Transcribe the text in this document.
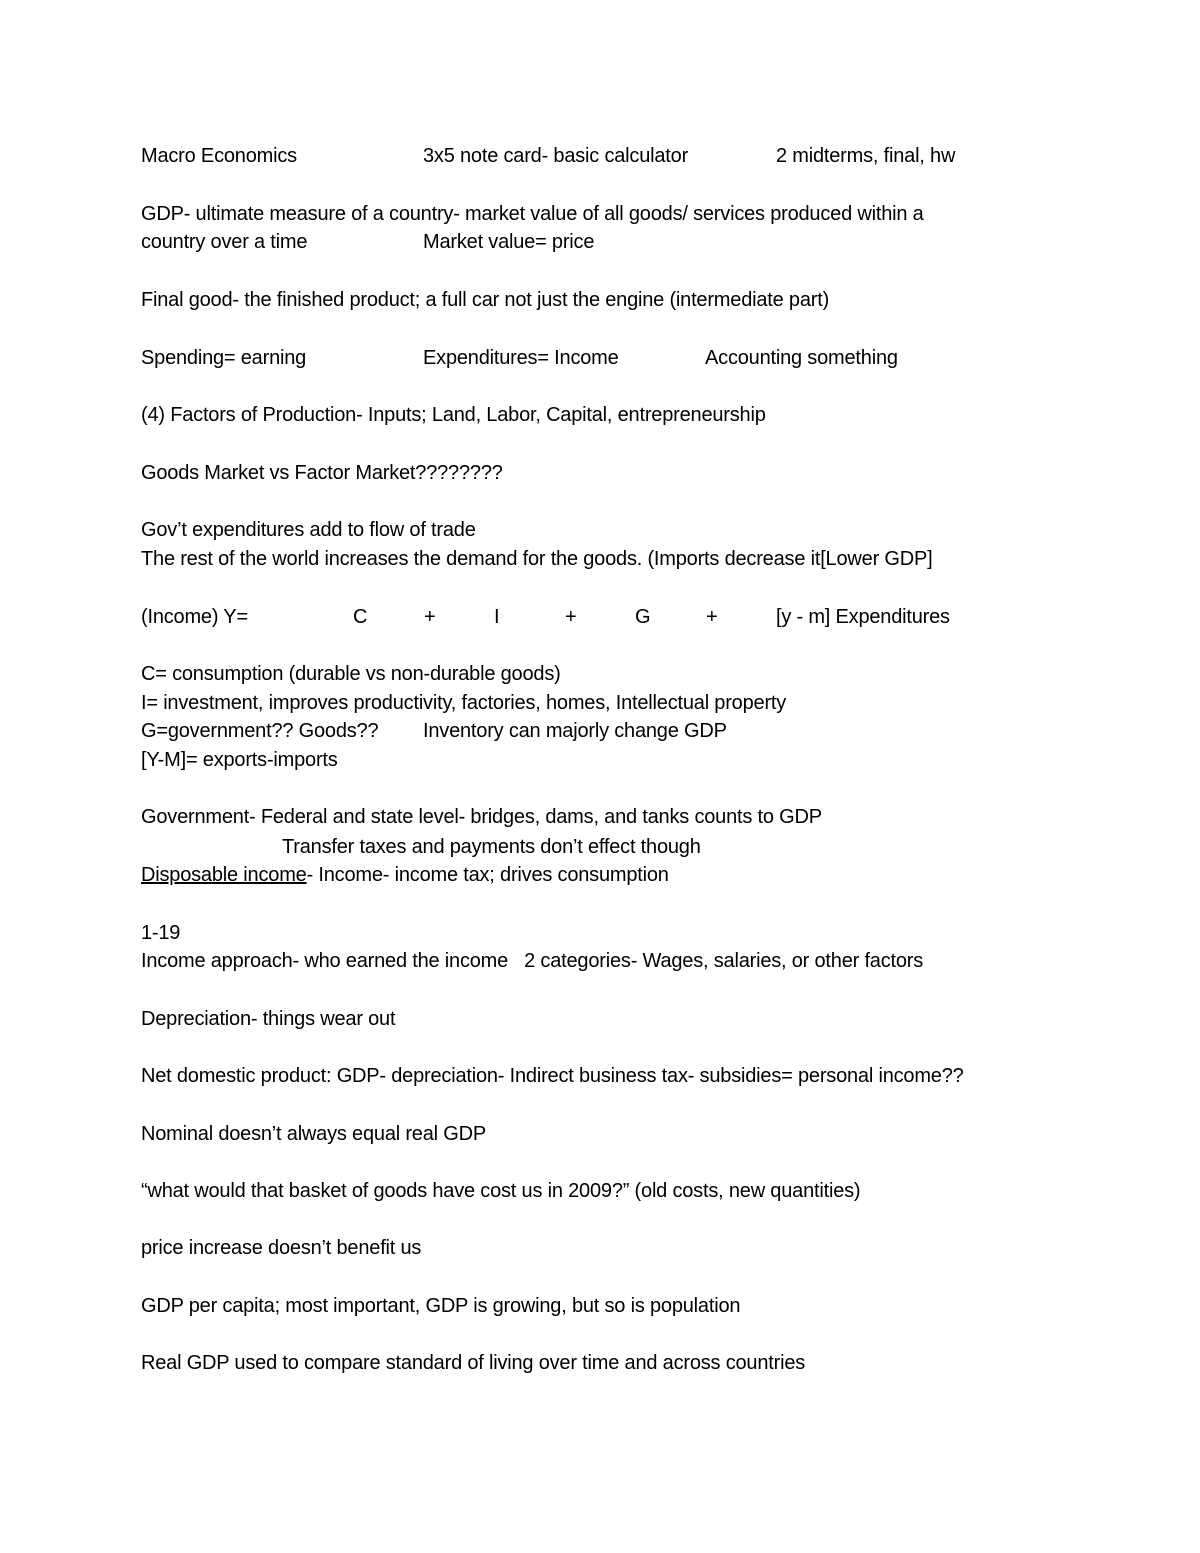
Macro Economics	3x5 note card- basic calculator	2 midterms, final, hw
GDP- ultimate measure of a country- market value of all goods/ services produced within a
country over a time	Market value= price
Final good- the finished product; a full car not just the engine (intermediate part)
Spending= earning	Expenditures= Income	Accounting something
(4) Factors of Production- Inputs; Land, Labor, Capital, entrepreneurship
Goods Market vs Factor Market????????
Gov’t expenditures add to flow of trade
The rest of the world increases the demand for the goods. (Imports decrease it[Lower GDP]
(Income) Y=	C	+	I	+	G	+	[y - m] Expenditures
C= consumption (durable vs non-durable goods)
I= investment, improves productivity, factories, homes, Intellectual property
G=government?? Goods?? Inventory can majorly change GDP
[Y-M]= exports-imports
Government- Federal and state level- bridges, dams, and tanks counts to GDP
Transfer taxes and payments don’t effect though
Disposable income- Income- income tax; drives consumption
1-19
Income approach- who earned the income   2 categories- Wages, salaries, or other factors
Depreciation- things wear out
Net domestic product: GDP- depreciation- Indirect business tax- subsidies= personal income??
Nominal doesn’t always equal real GDP
“what would that basket of goods have cost us in 2009?” (old costs, new quantities)
price increase doesn’t benefit us
GDP per capita; most important, GDP is growing, but so is population
Real GDP used to compare standard of living over time and across countries
